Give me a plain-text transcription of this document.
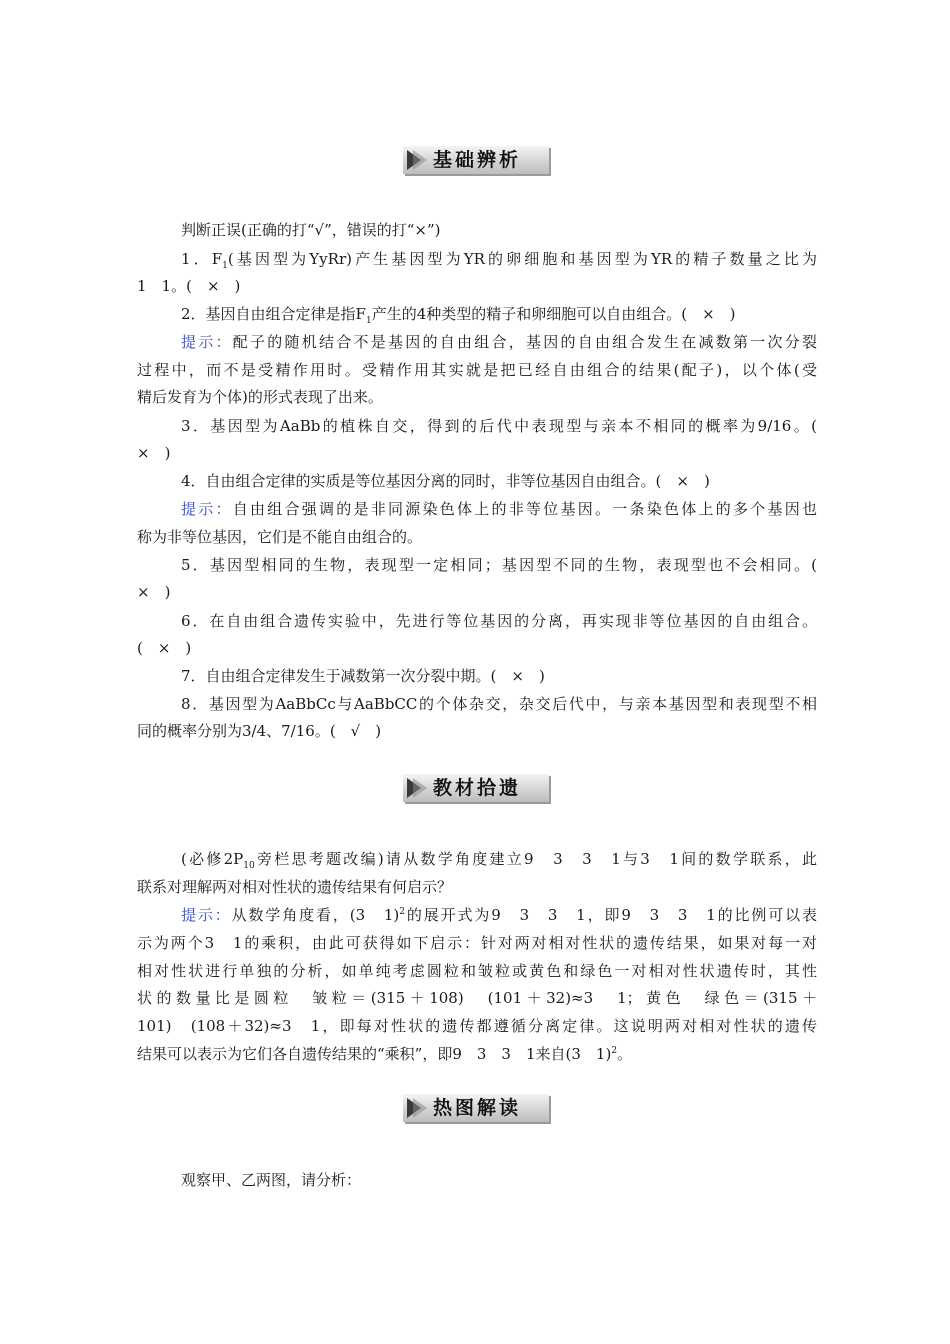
基础辨析
判断正误(正确的打“√”，错误的打“×”)
1．$F_1$(基因型为YyRr)产生基因型为YR的卵细胞和基因型为YR的精子数量之比为
1　1。(　×　)
2．基因自由组合定律是指$F_1$产生的4种类型的精子和卵细胞可以自由组合。(　×　)
提示：配子的随机结合不是基因的自由组合，基因的自由组合发生在减数第一次分裂
过程中，而不是受精作用时。受精作用其实就是把已经自由组合的结果(配子)，以个体(受
精后发育为个体)的形式表现了出来。
3．基因型为AaBb的植株自交，得到的后代中表现型与亲本不相同的概率为9/16。(
×　)
4．自由组合定律的实质是等位基因分离的同时，非等位基因自由组合。(　×　)
提示：自由组合强调的是非同源染色体上的非等位基因。一条染色体上的多个基因也
称为非等位基因，它们是不能自由组合的。
5．基因型相同的生物，表现型一定相同；基因型不同的生物，表现型也不会相同。(
×　)
6．在自由组合遗传实验中，先进行等位基因的分离，再实现非等位基因的自由组合。
(　×　)
7．自由组合定律发生于减数第一次分裂中期。(　×　)
8．基因型为AaBbCc与AaBbCC的个体杂交，杂交后代中，与亲本基因型和表现型不相
同的概率分别为3/4、7/16。(　√　)
教材拾遗
(必修$2P_{10}$旁栏思考题改编)请从数学角度建立9　3　3　1与3　1间的数学联系，此
联系对理解两对相对性状的遗传结果有何启示？
提示：从数学角度看，(3　1)$^2$的展开式为9　3　3　1，即9　3　3　1的比例可以表
示为两个3　1的乘积，由此可获得如下启示：针对两对相对性状的遗传结果，如果对每一对
相对性状进行单独的分析，如单纯考虑圆粒和皱粒或黄色和绿色一对相对性状遗传时，其性
状的数量比是圆粒　皱粒＝(315＋108)　(101＋32)≈3　1；黄色　绿色＝(315＋
101)　(108＋32)≈3　1，即每对性状的遗传都遵循分离定律。这说明两对相对性状的遗传
结果可以表示为它们各自遗传结果的“乘积”，即9　3　3　1来自(3　1)$^2$。
热图解读
观察甲、乙两图，请分析：
